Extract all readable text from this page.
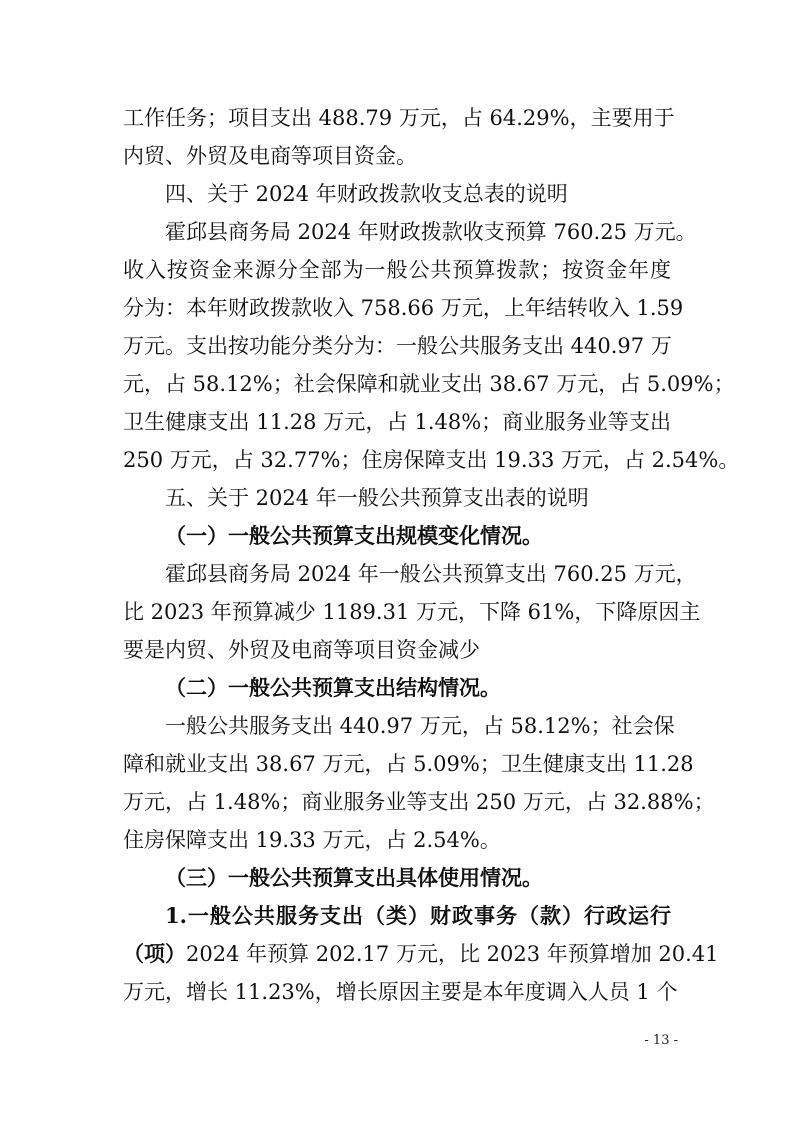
工作任务；项目支出 488.79 万元，占 64.29%，主要用于
内贸、外贸及电商等项目资金。
四、关于 2024 年财政拨款收支总表的说明
霍邱县商务局 2024 年财政拨款收支预算 760.25 万元。
收入按资金来源分全部为一般公共预算拨款；按资金年度
分为：本年财政拨款收入 758.66 万元，上年结转收入 1.59
万元。支出按功能分类分为：一般公共服务支出 440.97 万
元，占 58.12%；社会保障和就业支出 38.67 万元，占 5.09%；
卫生健康支出 11.28 万元，占 1.48%；商业服务业等支出
250 万元，占 32.77%；住房保障支出 19.33 万元，占 2.54%。
五、关于 2024 年一般公共预算支出表的说明
（一）一般公共预算支出规模变化情况。
霍邱县商务局 2024 年一般公共预算支出 760.25 万元，
比 2023 年预算减少 1189.31 万元，下降 61%，下降原因主
要是内贸、外贸及电商等项目资金减少
（二）一般公共预算支出结构情况。
一般公共服务支出 440.97 万元，占 58.12%；社会保
障和就业支出 38.67 万元，占 5.09%；卫生健康支出 11.28
万元，占 1.48%；商业服务业等支出 250 万元，占 32.88%；
住房保障支出 19.33 万元，占 2.54%。
（三）一般公共预算支出具体使用情况。
1.一般公共服务支出（类）财政事务（款）行政运行
（项）2024 年预算 202.17 万元，比 2023 年预算增加 20.41
万元，增长 11.23%，增长原因主要是本年度调入人员 1 个
- 13 -
